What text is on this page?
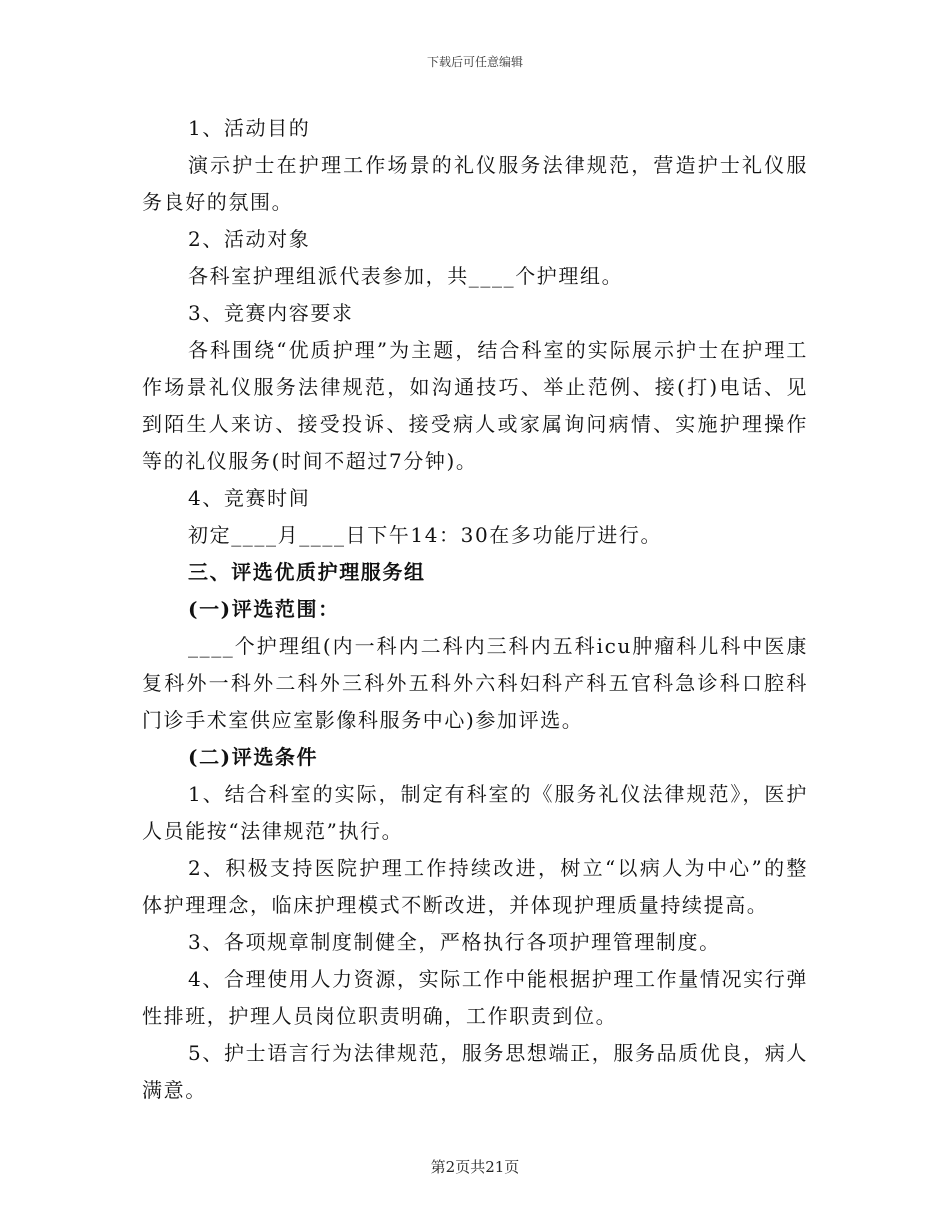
下载后可任意编辑

1、活动目的

演示护士在护理工作场景的礼仪服务法律规范，营造护士礼仪服务良好的氛围。

2、活动对象

各科室护理组派代表参加，共____个护理组。

3、竞赛内容要求

各科围绕“优质护理”为主题，结合科室的实际展示护士在护理工作场景礼仪服务法律规范，如沟通技巧、举止范例、接(打)电话、见到陌生人来访、接受投诉、接受病人或家属询问病情、实施护理操作等的礼仪服务(时间不超过7分钟)。

4、竞赛时间

初定____月____日下午14：30在多功能厅进行。

三、评选优质护理服务组

(一)评选范围：

____个护理组(内一科内二科内三科内五科icu肿瘤科儿科中医康复科外一科外二科外三科外五科外六科妇科产科五官科急诊科口腔科门诊手术室供应室影像科服务中心)参加评选。

(二)评选条件

1、结合科室的实际，制定有科室的《服务礼仪法律规范》，医护人员能按“法律规范”执行。

2、积极支持医院护理工作持续改进，树立“以病人为中心”的整体护理理念，临床护理模式不断改进，并体现护理质量持续提高。

3、各项规章制度制健全，严格执行各项护理管理制度。

4、合理使用人力资源，实际工作中能根据护理工作量情况实行弹性排班，护理人员岗位职责明确，工作职责到位。

5、护士语言行为法律规范，服务思想端正，服务品质优良，病人满意。

第2页共21页
